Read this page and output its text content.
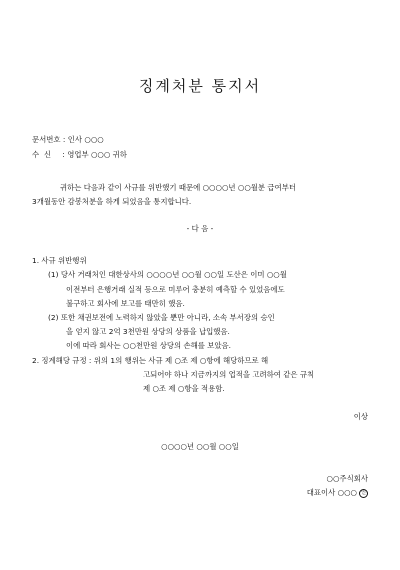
징계처분 통지서
문서번호 : 인사 ○○○
수  신 : 영업부 ○○○ 귀하
귀하는 다음과 같이 사규를 위반했기 때문에 ○○○○년 ○○월분 급여부터
3개월동안 감봉처분을 하게 되었음을 통지합니다.
- 다 음 -
1. 사규 위반행위
(1) 당사 거래처인 대한상사의 ○○○○년 ○○월 ○○일 도산은 이미 ○○월
이전부터 은행거래 실적 등으로 미루어 충분히 예측할 수 있었음에도
불구하고 회사에 보고를 태만히 했음.
(2) 또한 채권보전에 노력하지 않았을 뿐만 아니라, 소속 부서장의 승인
을 얻지 않고 2억 3천만원 상당의 상품을 납입했음.
이에 따라 회사는 ○○천만원 상당의 손해를 보았음.
2. 징계해당 규정 : 위의 1의 행위는 사규 제 ○조 제 ○항에 해당하므로 해
고되어야 하나 지금까지의 업적을 고려하여 같은 규칙
제 ○조 제 ○항을 적용함.
이상
○○○○년 ○○월 ○○일
○○주식회사
대표이사 ○○○ 인
